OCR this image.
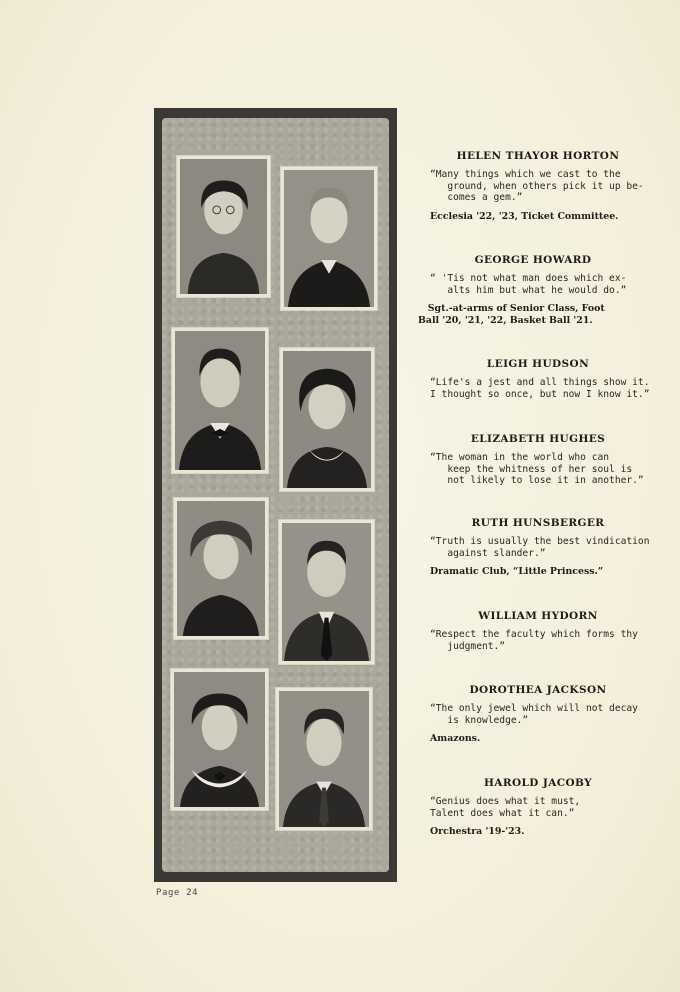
HELEN THAYOR HORTON

“Many things which we cast to the
ground, when others pick it up be-
comes a gem.”

Ecclesia '22, '23, Ticket Committee.

GEORGE HOWARD

“ 'Tis not what man does which ex-
alts him but what he would do.”

Sgt.-at-arms of Senior Class, Foot
Ball '20, '21, '22, Basket Ball '21.

LEIGH HUDSON

“Life's a jest and all things show it.
I thought so once, but now I know it.”

ELIZABETH HUGHES

“The woman in the world who can
keep the whitness of her soul is
not likely to lose it in another.”

RUTH HUNSBERGER

“Truth is usually the best vindication
against slander.”

Dramatic Club, “Little Princess.”

WILLIAM HYDORN

“Respect the faculty which forms thy
judgment.”

DOROTHEA JACKSON

“The only jewel which will not decay
is knowledge.”

Amazons.

HAROLD JACOBY

“Genius does what it must,
Talent does what it can.”

Orchestra '19-'23.

Page 24
